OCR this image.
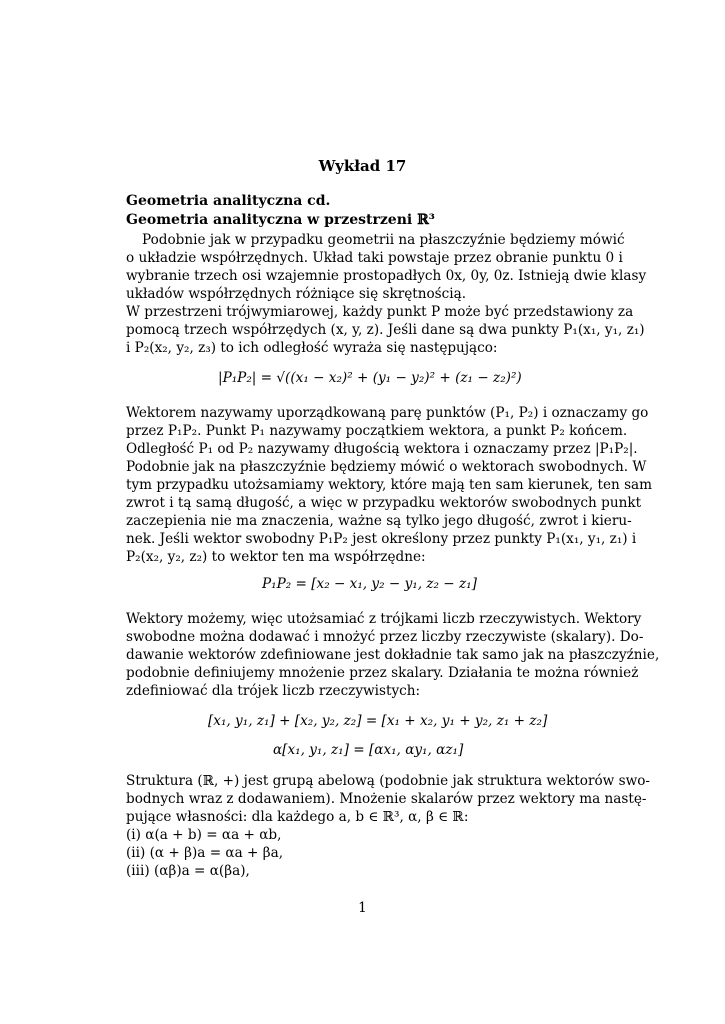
Wykład 17
Geometria analityczna cd.
Geometria analityczna w przestrzeni ℝ³
Podobnie jak w przypadku geometrii na płaszczyźnie będziemy mówić
o układzie współrzędnych. Układ taki powstaje przez obranie punktu 0 i
wybranie trzech osi wzajemnie prostopadłych 0x, 0y, 0z. Istnieją dwie klasy
układów współrzędnych różniące się skrętnością.
W przestrzeni trójwymiarowej, każdy punkt P może być przedstawiony za
pomocą trzech współrzędych (x, y, z). Jeśli dane są dwa punkty P₁(x₁, y₁, z₁)
i P₂(x₂, y₂, z₃) to ich odległość wyraża się następująco:
|P₁P₂| = √((x₁ − x₂)² + (y₁ − y₂)² + (z₁ − z₂)²)
Wektorem nazywamy uporządkowaną parę punktów (P₁, P₂) i oznaczamy go
przez P₁P₂. Punkt P₁ nazywamy początkiem wektora, a punkt P₂ końcem.
Odległość P₁ od P₂ nazywamy długością wektora i oznaczamy przez |P₁P₂|.
Podobnie jak na płaszczyźnie będziemy mówić o wektorach swobodnych. W
tym przypadku utożsamiamy wektory, które mają ten sam kierunek, ten sam
zwrot i tą samą długość, a więc w przypadku wektorów swobodnych punkt
zaczepienia nie ma znaczenia, ważne są tylko jego długość, zwrot i kieru-
nek. Jeśli wektor swobodny P₁P₂ jest określony przez punkty P₁(x₁, y₁, z₁) i
P₂(x₂, y₂, z₂) to wektor ten ma współrzędne:
P₁P₂ = [x₂ − x₁, y₂ − y₁, z₂ − z₁]
Wektory możemy, więc utożsamiać z trójkami liczb rzeczywistych. Wektory
swobodne można dodawać i mnożyć przez liczby rzeczywiste (skalary). Do-
dawanie wektorów zdefiniowane jest dokładnie tak samo jak na płaszczyźnie,
podobnie definiujemy mnożenie przez skalary. Działania te można również
zdefiniować dla trójek liczb rzeczywistych:
[x₁, y₁, z₁] + [x₂, y₂, z₂] = [x₁ + x₂, y₁ + y₂, z₁ + z₂]
α[x₁, y₁, z₁] = [αx₁, αy₁, αz₁]
Struktura (ℝ, +) jest grupą abelową (podobnie jak struktura wektorów swo-
bodnych wraz z dodawaniem). Mnożenie skalarów przez wektory ma nastę-
pujące własności: dla każdego a, b ∈ ℝ³, α, β ∈ ℝ:
(i) α(a + b) = αa + αb,
(ii) (α + β)a = αa + βa,
(iii) (αβ)a = α(βa),
1
